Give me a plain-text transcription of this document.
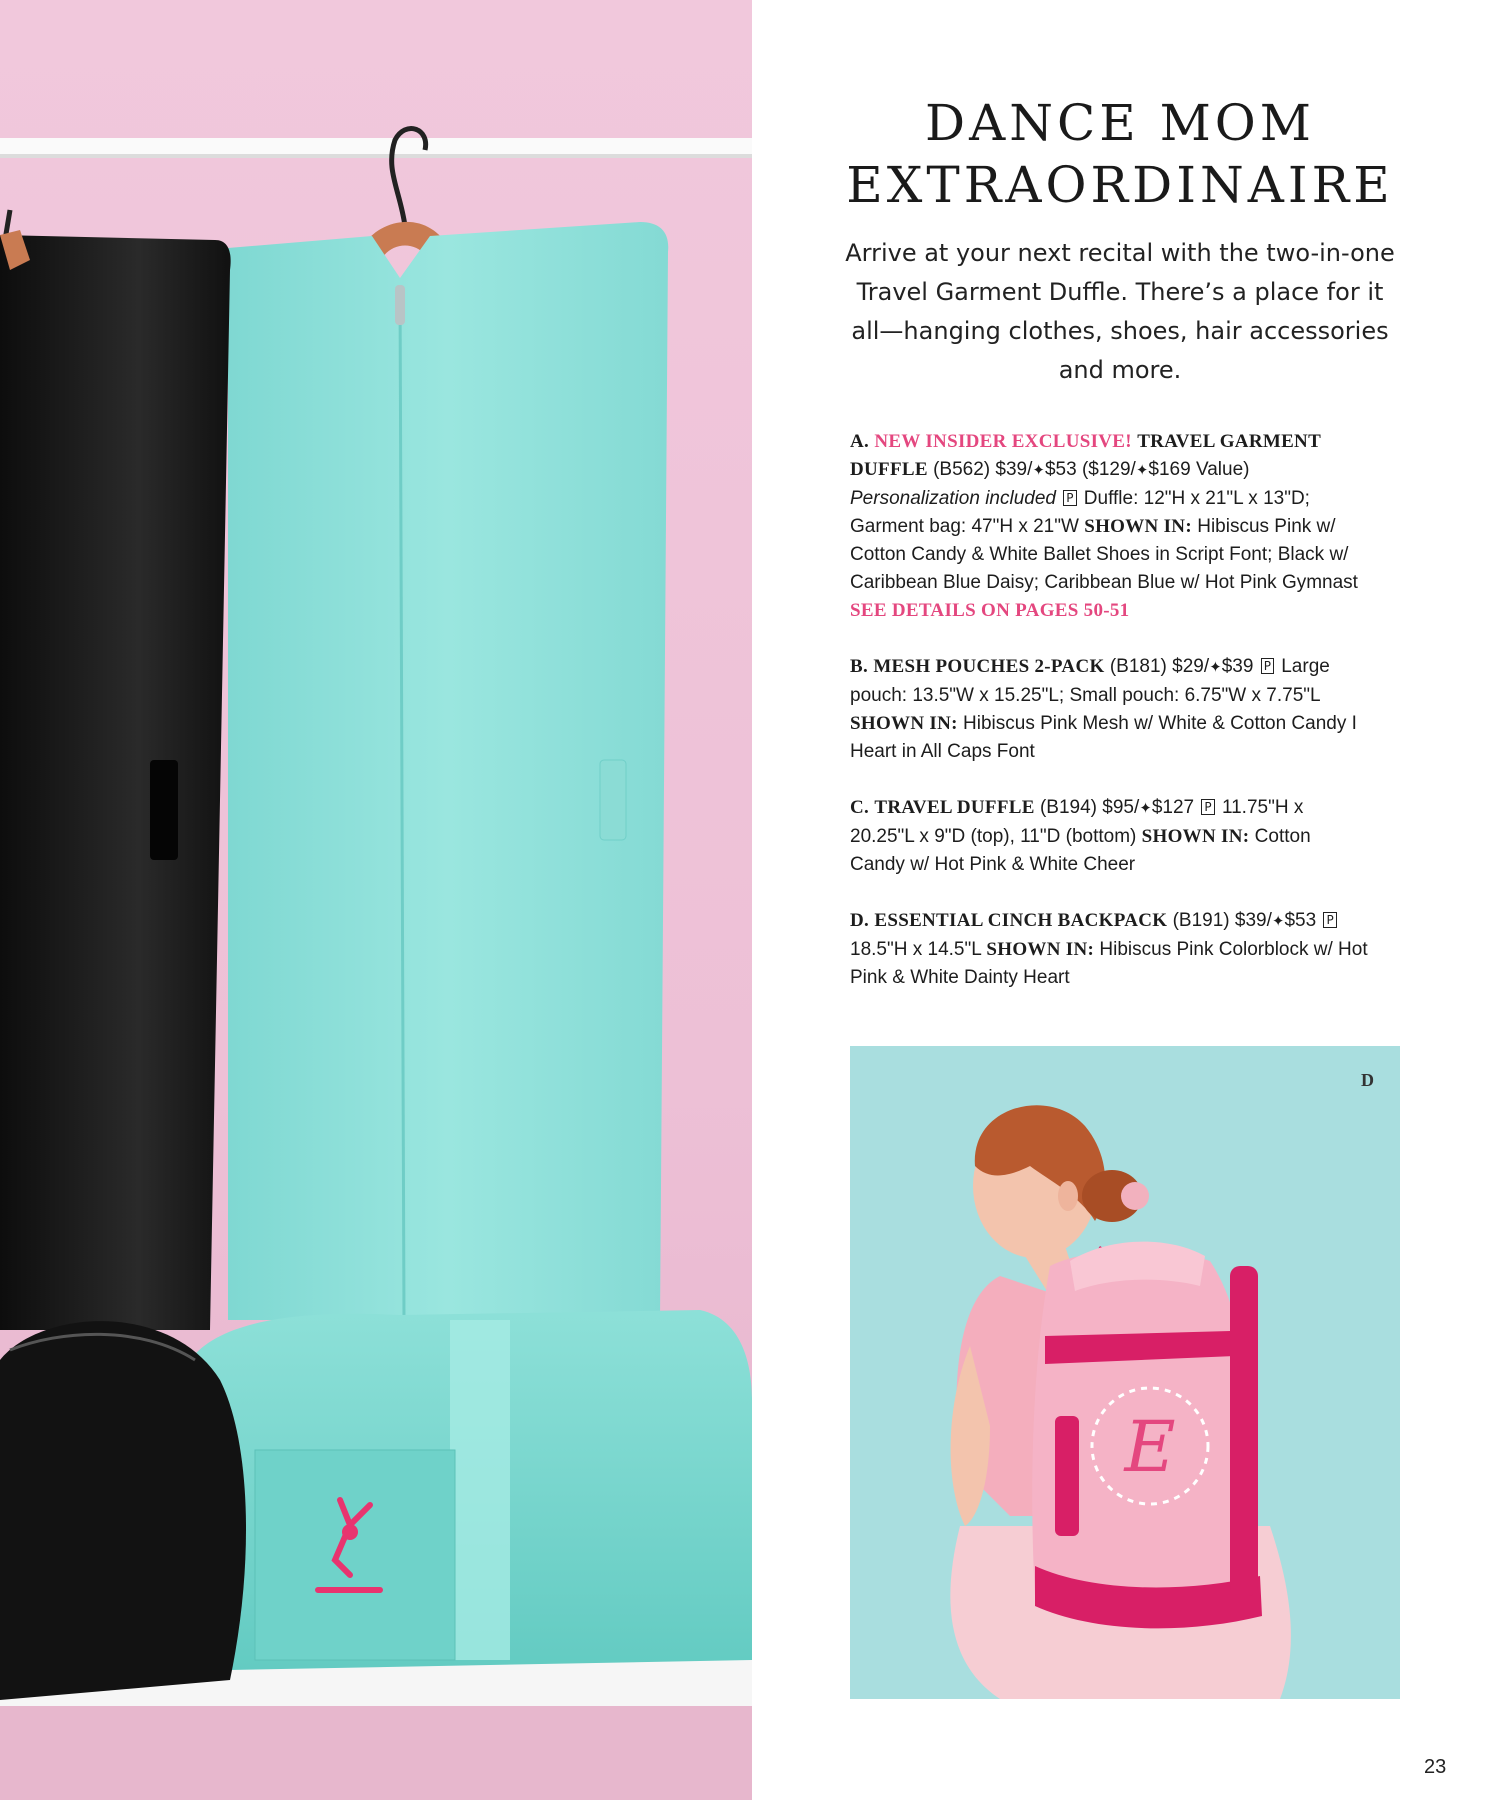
DANCE MOM
EXTRAORDINAIRE

Arrive at your next recital with the two-in-one Travel Garment Duffle. There’s a place for it all—hanging clothes, shoes, hair accessories and more.

A. NEW INSIDER EXCLUSIVE! TRAVEL GARMENT DUFFLE (B562) $39/✦$53 ($129/✦$169 Value) Personalization included P Duffle: 12"H x 21"L x 13"D; Garment bag: 47"H x 21"W SHOWN IN: Hibiscus Pink w/ Cotton Candy & White Ballet Shoes in Script Font; Black w/ Caribbean Blue Daisy; Caribbean Blue w/ Hot Pink Gymnast SEE DETAILS ON PAGES 50-51

B. MESH POUCHES 2-PACK (B181) $29/✦$39 P Large pouch: 13.5"W x 15.25"L; Small pouch: 6.75"W x 7.75"L SHOWN IN: Hibiscus Pink Mesh w/ White & Cotton Candy I Heart in All Caps Font

C. TRAVEL DUFFLE (B194) $95/✦$127 P 11.75"H x 20.25"L x 9"D (top), 11"D (bottom) SHOWN IN: Cotton Candy w/ Hot Pink & White Cheer

D. ESSENTIAL CINCH BACKPACK (B191) $39/✦$53 P 18.5"H x 14.5"L SHOWN IN: Hibiscus Pink Colorblock w/ Hot Pink & White Dainty Heart

E
D
23
